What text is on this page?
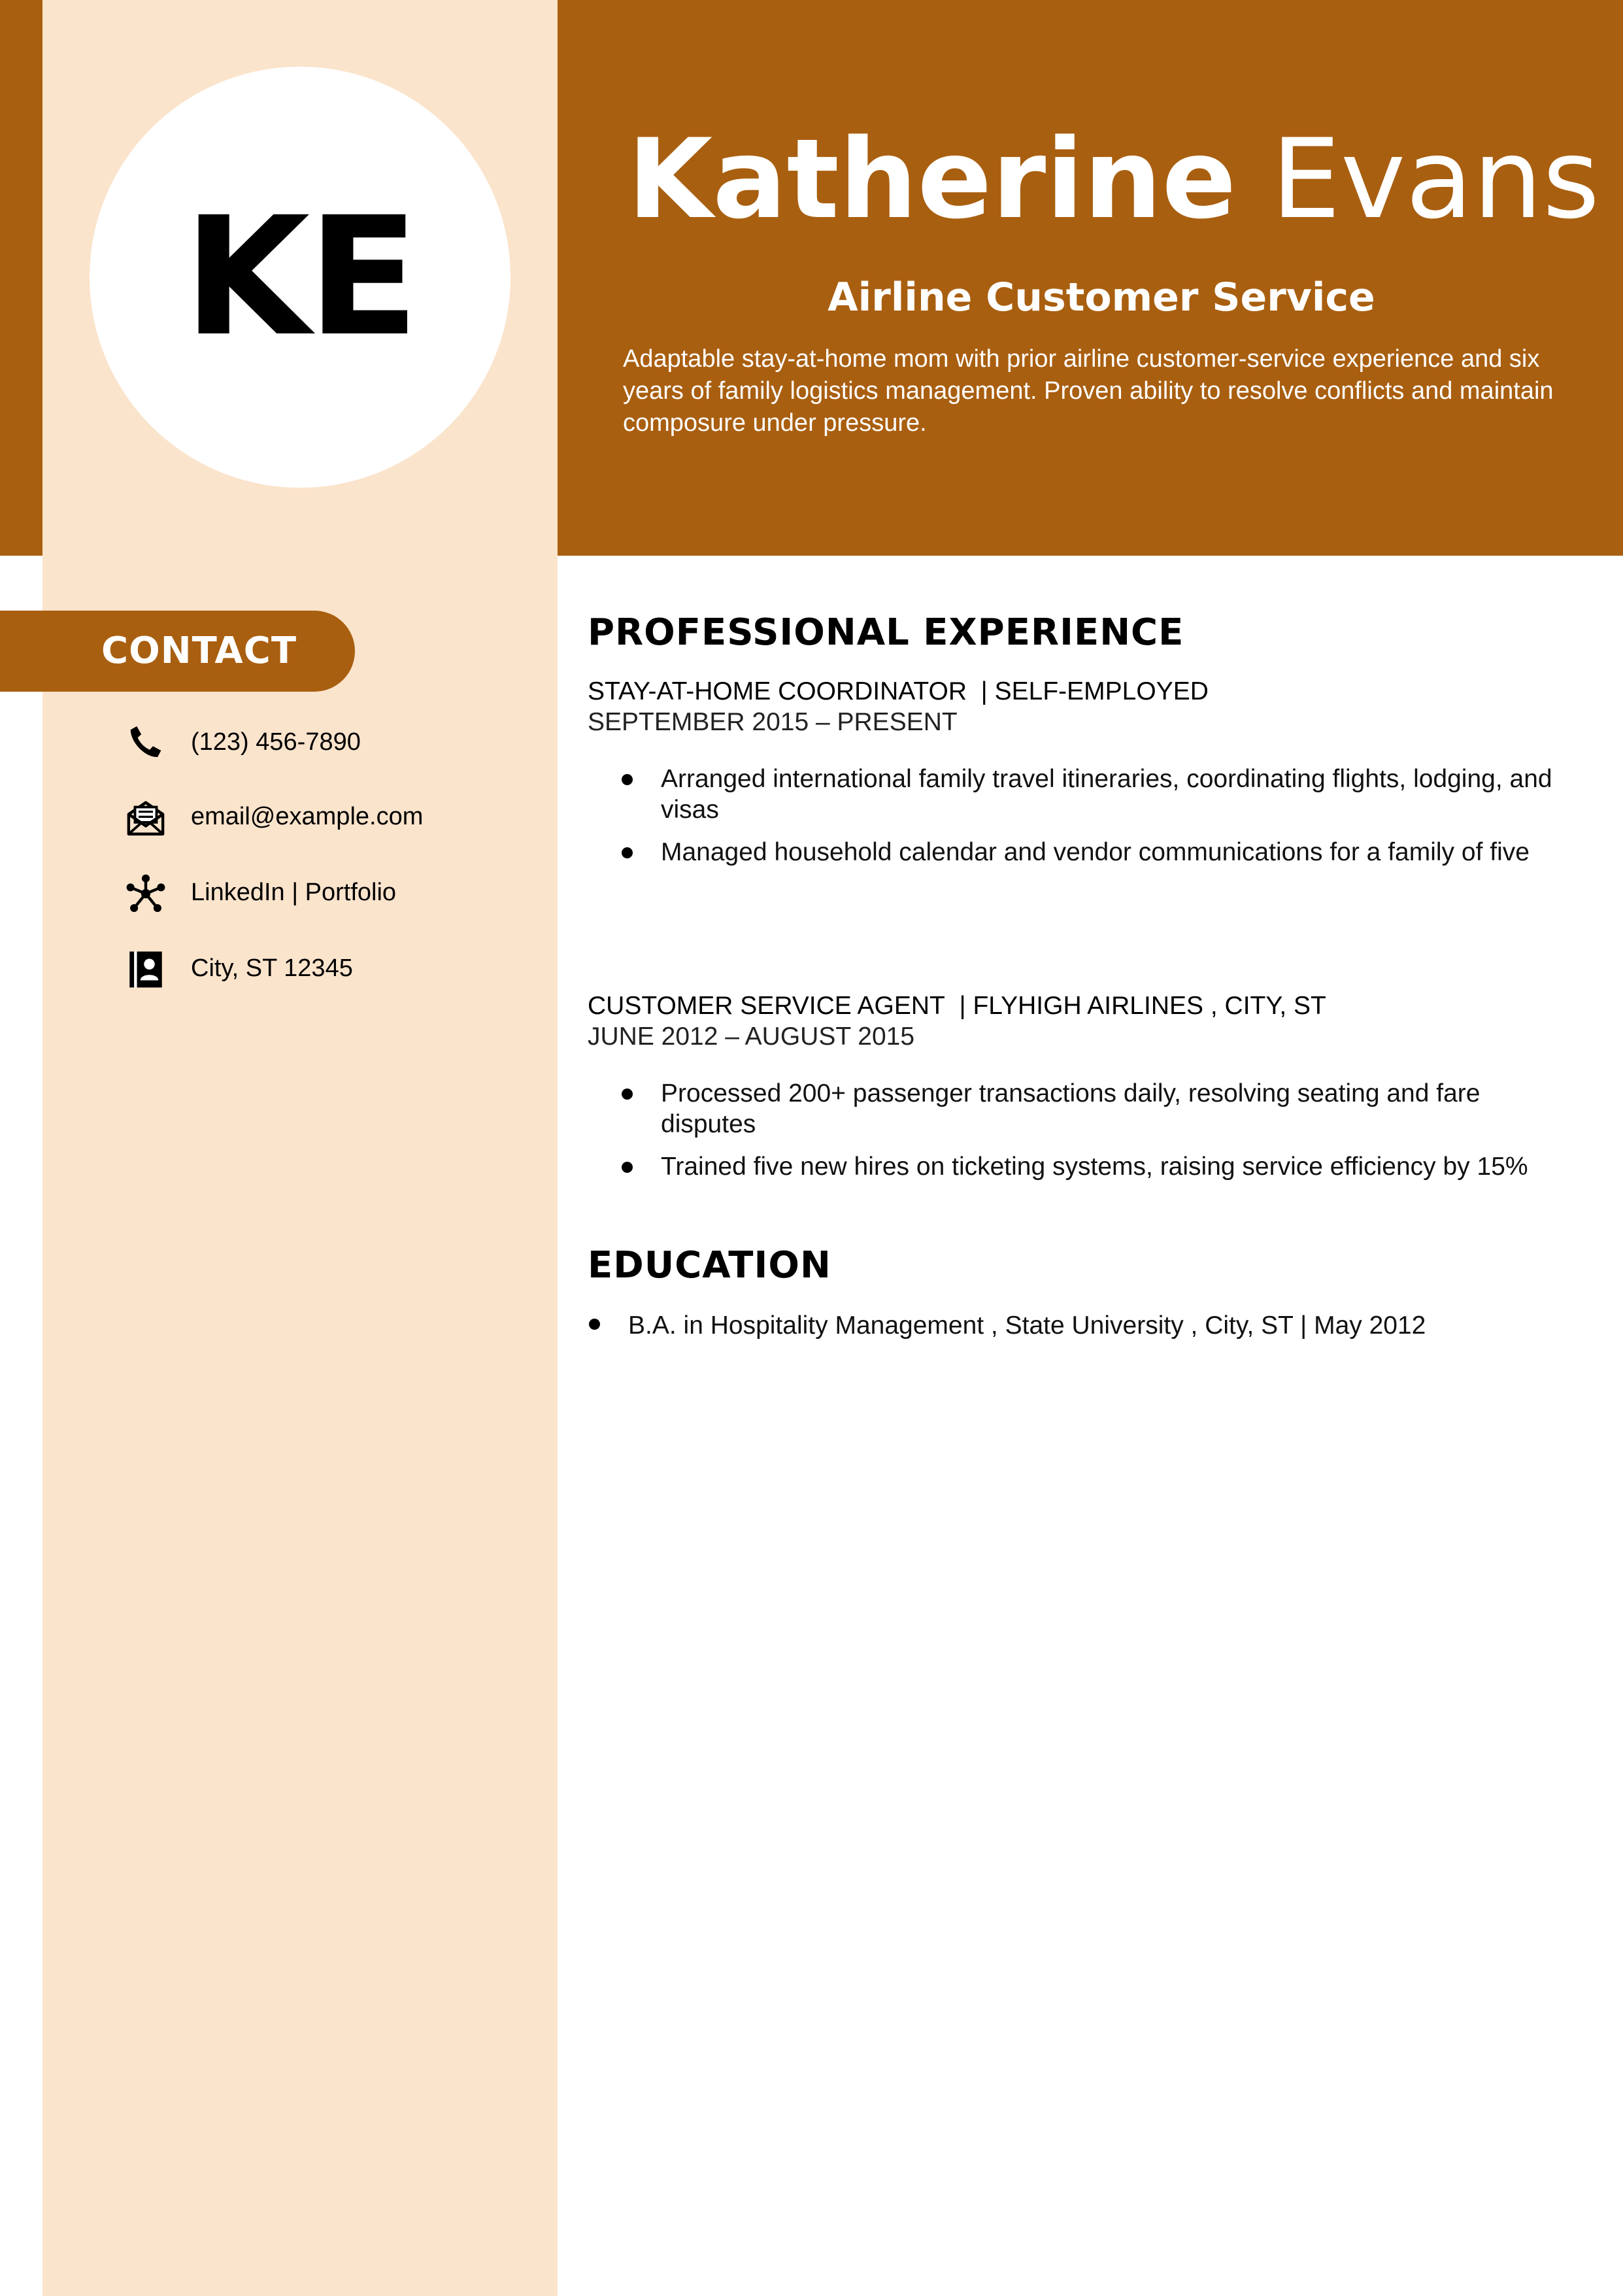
KE
Katherine Evans
Airline Customer Service
Adaptable stay-at-home mom with prior airline customer-service experience and six years of family logistics management. Proven ability to resolve conflicts and maintain composure under pressure.
CONTACT
(123) 456-7890
email@example.com
LinkedIn | Portfolio
City, ST 12345
PROFESSIONAL EXPERIENCE
STAY-AT-HOME COORDINATOR  | SELF-EMPLOYED
SEPTEMBER 2015 – PRESENT
Arranged international family travel itineraries, coordinating flights, lodging, and visas
Managed household calendar and vendor communications for a family of five
CUSTOMER SERVICE AGENT  | FLYHIGH AIRLINES , CITY, ST
JUNE 2012 – AUGUST 2015
Processed 200+ passenger transactions daily, resolving seating and fare disputes
Trained five new hires on ticketing systems, raising service efficiency by 15%
EDUCATION
B.A. in Hospitality Management , State University , City, ST | May 2012
